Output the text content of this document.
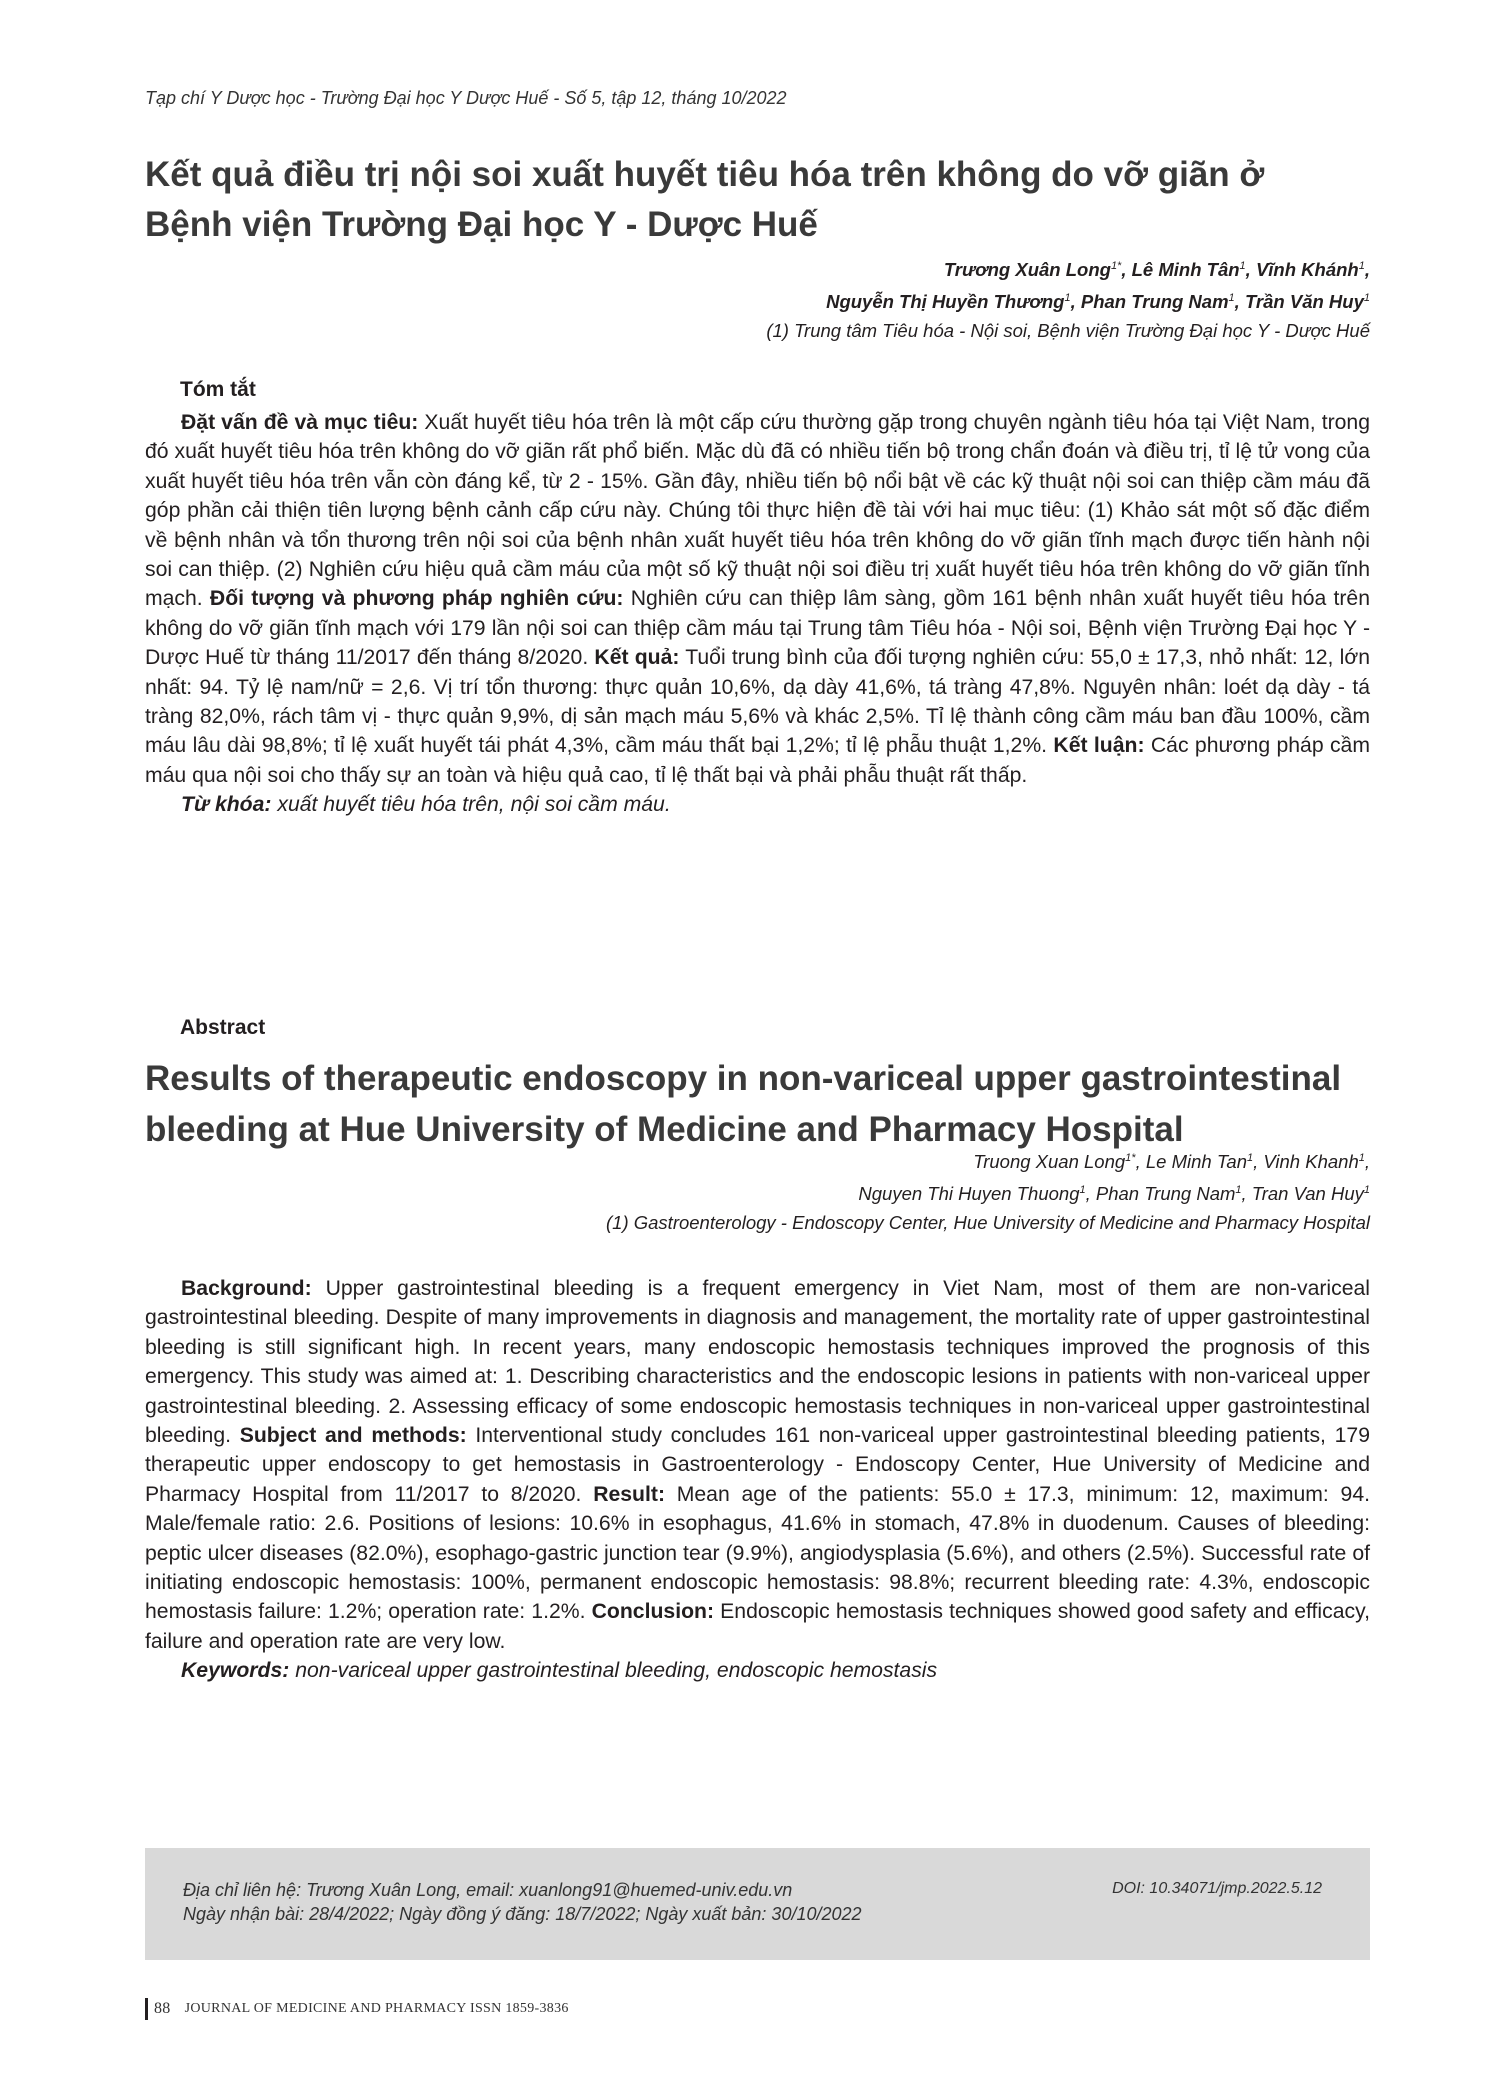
Tạp chí Y Dược học - Trường Đại học Y Dược Huế - Số 5, tập 12, tháng 10/2022
Kết quả điều trị nội soi xuất huyết tiêu hóa trên không do vỡ giãn ở
Bệnh viện Trường Đại học Y - Dược Huế
Trương Xuân Long$^{1*}$, Lê Minh Tân$^1$, Vĩnh Khánh$^1$,
Nguyễn Thị Huyền Thương$^1$, Phan Trung Nam$^1$, Trần Văn Huy$^1$
(1) Trung tâm Tiêu hóa - Nội soi, Bệnh viện Trường Đại học Y - Dược Huế
Tóm tắt
Đặt vấn đề và mục tiêu: Xuất huyết tiêu hóa trên là một cấp cứu thường gặp trong chuyên ngành tiêu hóa tại Việt Nam, trong đó xuất huyết tiêu hóa trên không do vỡ giãn rất phổ biến. Mặc dù đã có nhiều tiến bộ trong chẩn đoán và điều trị, tỉ lệ tử vong của xuất huyết tiêu hóa trên vẫn còn đáng kể, từ 2 - 15%. Gần đây, nhiều tiến bộ nổi bật về các kỹ thuật nội soi can thiệp cầm máu đã góp phần cải thiện tiên lượng bệnh cảnh cấp cứu này. Chúng tôi thực hiện đề tài với hai mục tiêu: (1) Khảo sát một số đặc điểm về bệnh nhân và tổn thương trên nội soi của bệnh nhân xuất huyết tiêu hóa trên không do vỡ giãn tĩnh mạch được tiến hành nội soi can thiệp. (2) Nghiên cứu hiệu quả cầm máu của một số kỹ thuật nội soi điều trị xuất huyết tiêu hóa trên không do vỡ giãn tĩnh mạch. Đối tượng và phương pháp nghiên cứu: Nghiên cứu can thiệp lâm sàng, gồm 161 bệnh nhân xuất huyết tiêu hóa trên không do vỡ giãn tĩnh mạch với 179 lần nội soi can thiệp cầm máu tại Trung tâm Tiêu hóa - Nội soi, Bệnh viện Trường Đại học Y - Dược Huế từ tháng 11/2017 đến tháng 8/2020. Kết quả: Tuổi trung bình của đối tượng nghiên cứu: 55,0 ± 17,3, nhỏ nhất: 12, lớn nhất: 94. Tỷ lệ nam/nữ = 2,6. Vị trí tổn thương: thực quản 10,6%, dạ dày 41,6%, tá tràng 47,8%. Nguyên nhân: loét dạ dày - tá tràng 82,0%, rách tâm vị - thực quản 9,9%, dị sản mạch máu 5,6% và khác 2,5%. Tỉ lệ thành công cầm máu ban đầu 100%, cầm máu lâu dài 98,8%; tỉ lệ xuất huyết tái phát 4,3%, cầm máu thất bại 1,2%; tỉ lệ phẫu thuật 1,2%. Kết luận: Các phương pháp cầm máu qua nội soi cho thấy sự an toàn và hiệu quả cao, tỉ lệ thất bại và phải phẫu thuật rất thấp.
Từ khóa: xuất huyết tiêu hóa trên, nội soi cầm máu.
Abstract
Results of therapeutic endoscopy in non-variceal upper gastrointestinal
bleeding at Hue University of Medicine and Pharmacy Hospital
Truong Xuan Long$^{1*}$, Le Minh Tan$^1$, Vinh Khanh$^1$,
Nguyen Thi Huyen Thuong$^1$, Phan Trung Nam$^1$, Tran Van Huy$^1$
(1) Gastroenterology - Endoscopy Center, Hue University of Medicine and Pharmacy Hospital
Background: Upper gastrointestinal bleeding is a frequent emergency in Viet Nam, most of them are non-variceal gastrointestinal bleeding. Despite of many improvements in diagnosis and management, the mortality rate of upper gastrointestinal bleeding is still significant high. In recent years, many endoscopic hemostasis techniques improved the prognosis of this emergency. This study was aimed at: 1. Describing characteristics and the endoscopic lesions in patients with non-variceal upper gastrointestinal bleeding. 2. Assessing efficacy of some endoscopic hemostasis techniques in non-variceal upper gastrointestinal bleeding. Subject and methods: Interventional study concludes 161 non-variceal upper gastrointestinal bleeding patients, 179 therapeutic upper endoscopy to get hemostasis in Gastroenterology - Endoscopy Center, Hue University of Medicine and Pharmacy Hospital from 11/2017 to 8/2020. Result: Mean age of the patients: 55.0 ± 17.3, minimum: 12, maximum: 94. Male/female ratio: 2.6. Positions of lesions: 10.6% in esophagus, 41.6% in stomach, 47.8% in duodenum. Causes of bleeding: peptic ulcer diseases (82.0%), esophago-gastric junction tear (9.9%), angiodysplasia (5.6%), and others (2.5%). Successful rate of initiating endoscopic hemostasis: 100%, permanent endoscopic hemostasis: 98.8%; recurrent bleeding rate: 4.3%, endoscopic hemostasis failure: 1.2%; operation rate: 1.2%. Conclusion: Endoscopic hemostasis techniques showed good safety and efficacy, failure and operation rate are very low.
Keywords: non-variceal upper gastrointestinal bleeding, endoscopic hemostasis
Địa chỉ liên hệ: Trương Xuân Long, email: xuanlong91@huemed-univ.edu.vn
Ngày nhận bài: 28/4/2022; Ngày đồng ý đăng: 18/7/2022; Ngày xuất bản: 30/10/2022
DOI: 10.34071/jmp.2022.5.12
88 JOURNAL OF MEDICINE AND PHARMACY ISSN 1859-3836
